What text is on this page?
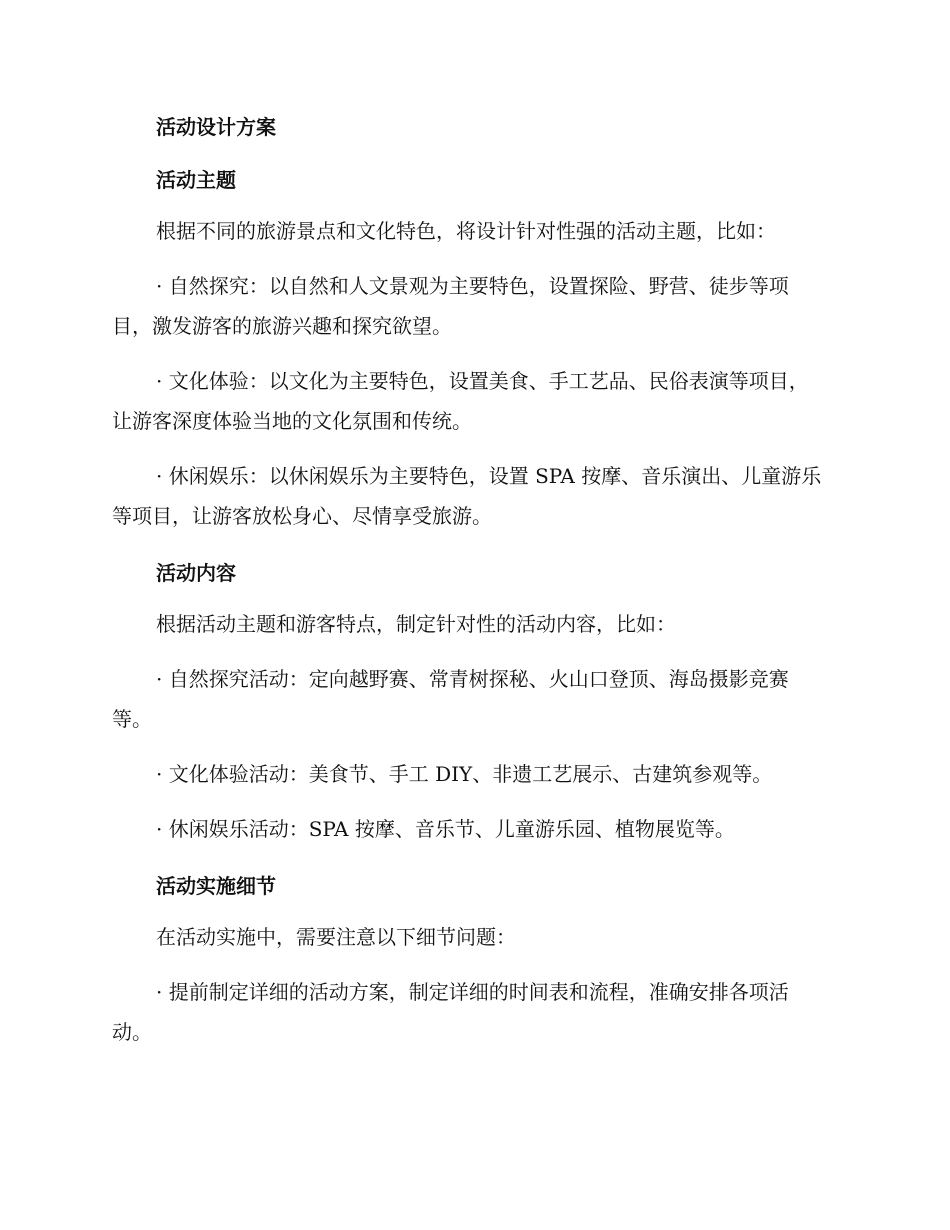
活动设计方案
活动主题

根据不同的旅游景点和文化特色，将设计针对性强的活动主题，比如：

· 自然探究：以自然和人文景观为主要特色，设置探险、野营、徒步等项目，激发游客的旅游兴趣和探究欲望。

· 文化体验：以文化为主要特色，设置美食、手工艺品、民俗表演等项目，让游客深度体验当地的文化氛围和传统。

· 休闲娱乐：以休闲娱乐为主要特色，设置 SPA 按摩、音乐演出、儿童游乐等项目，让游客放松身心、尽情享受旅游。

活动内容

根据活动主题和游客特点，制定针对性的活动内容，比如：

· 自然探究活动：定向越野赛、常青树探秘、火山口登顶、海岛摄影竞赛等。

· 文化体验活动：美食节、手工 DIY、非遗工艺展示、古建筑参观等。

· 休闲娱乐活动：SPA 按摩、音乐节、儿童游乐园、植物展览等。

活动实施细节

在活动实施中，需要注意以下细节问题：

· 提前制定详细的活动方案，制定详细的时间表和流程，准确安排各项活动。
